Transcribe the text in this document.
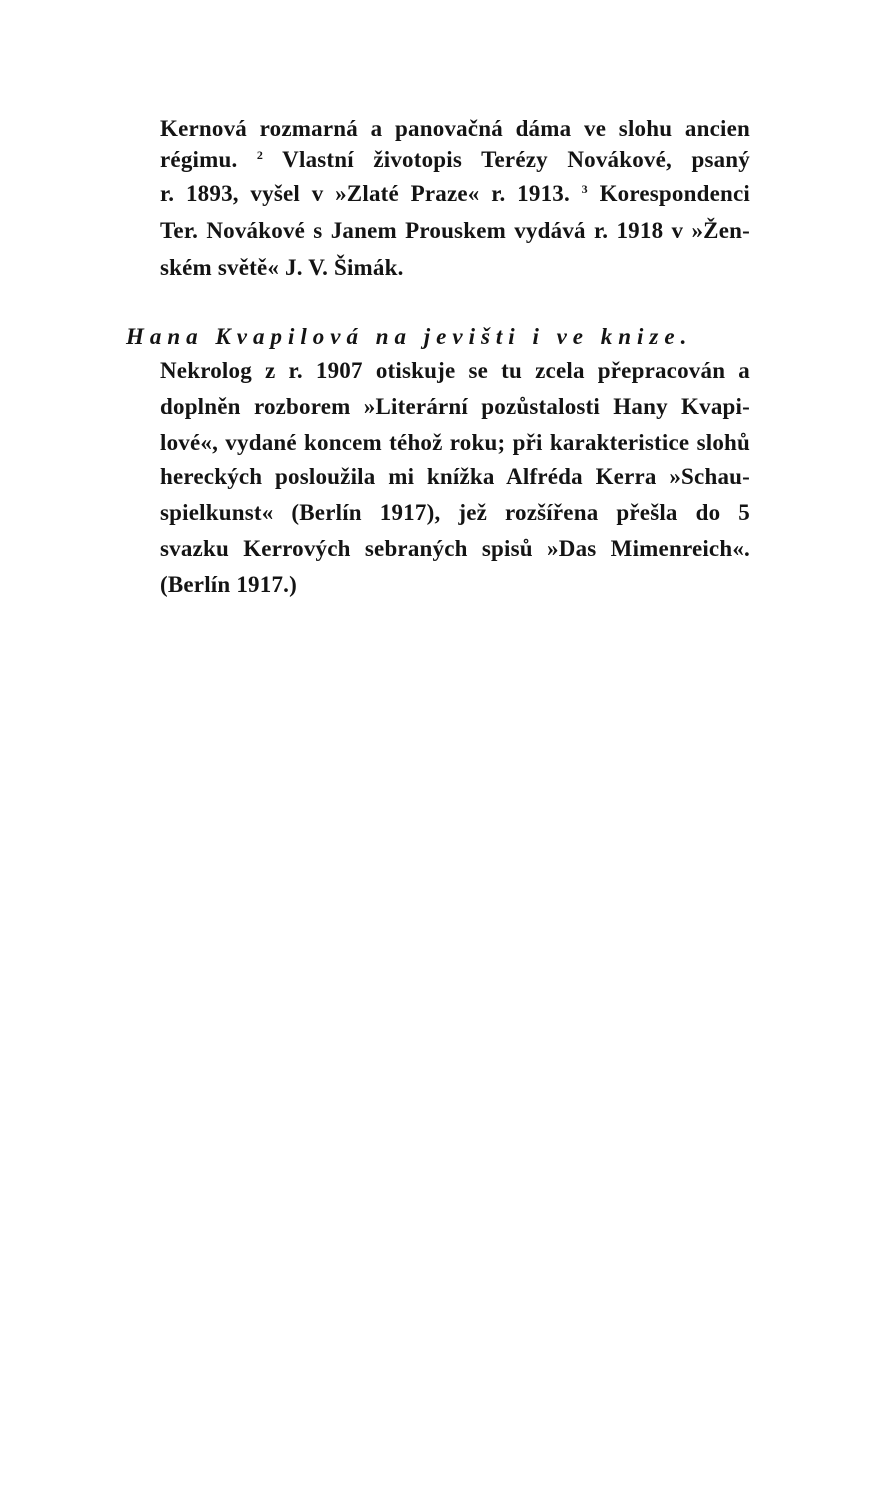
Kernová rozmarná a panovačná dáma ve slohu ancien
régimu. $^2$ Vlastní životopis Terézy Novákové, psaný
r. 1893, vyšel v »Zlaté Praze« r. 1913. $^3$ Korespondenci
Ter. Novákové s Janem Prouskem vydává r. 1918 v »Žen-
ském světě« J. V. Šimák.
Hana Kvapilová na jevišti i ve knize.
Nekrolog z r. 1907 otiskuje se tu zcela přepracován a
doplněn rozborem »Literární pozůstalosti Hany Kvapi-
lové«, vydané koncem téhož roku; při karakteristice slohů
hereckých posloužila mi knížka Alfréda Kerra »Schau-
spielkunst« (Berlín 1917), jež rozšířena přešla do 5
svazku Kerrových sebraných spisů »Das Mimenreich«.
(Berlín 1917.)
